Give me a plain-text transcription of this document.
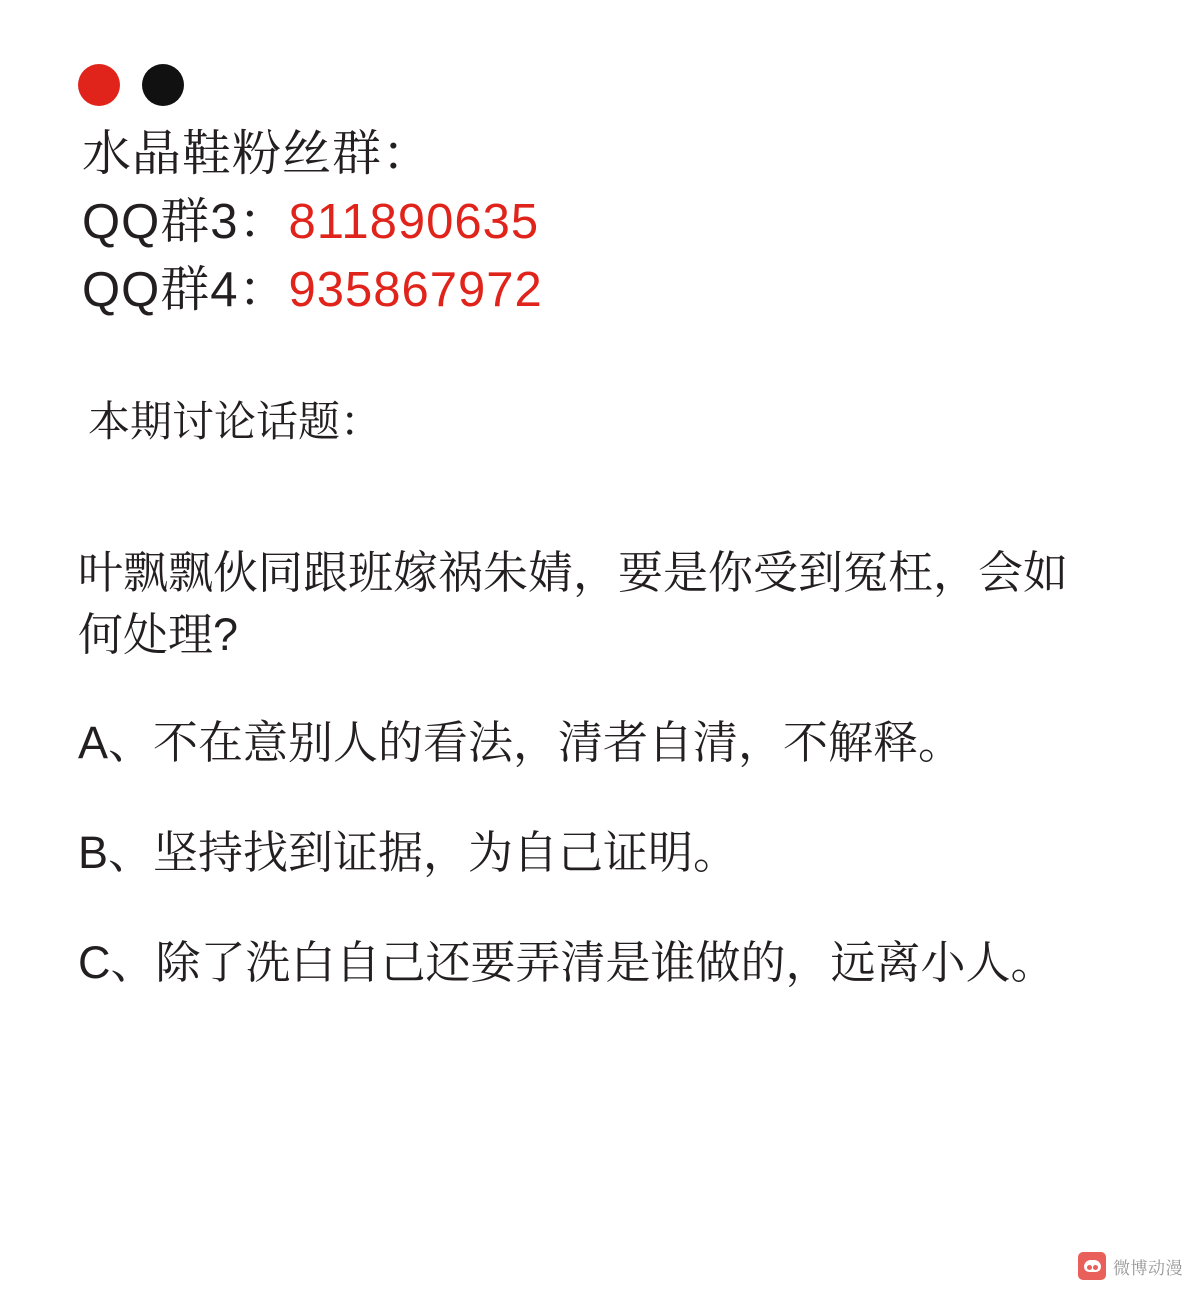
水晶鞋粉丝群：
QQ群3：811890635
QQ群4：935867972
本期讨论话题：
叶飘飘伙同跟班嫁祸朱婧，要是你受到冤枉，会如何处理?
A、不在意别人的看法，清者自清，不解释。
B、坚持找到证据，为自己证明。
C、除了洗白自己还要弄清是谁做的，远离小人。
微博动漫
